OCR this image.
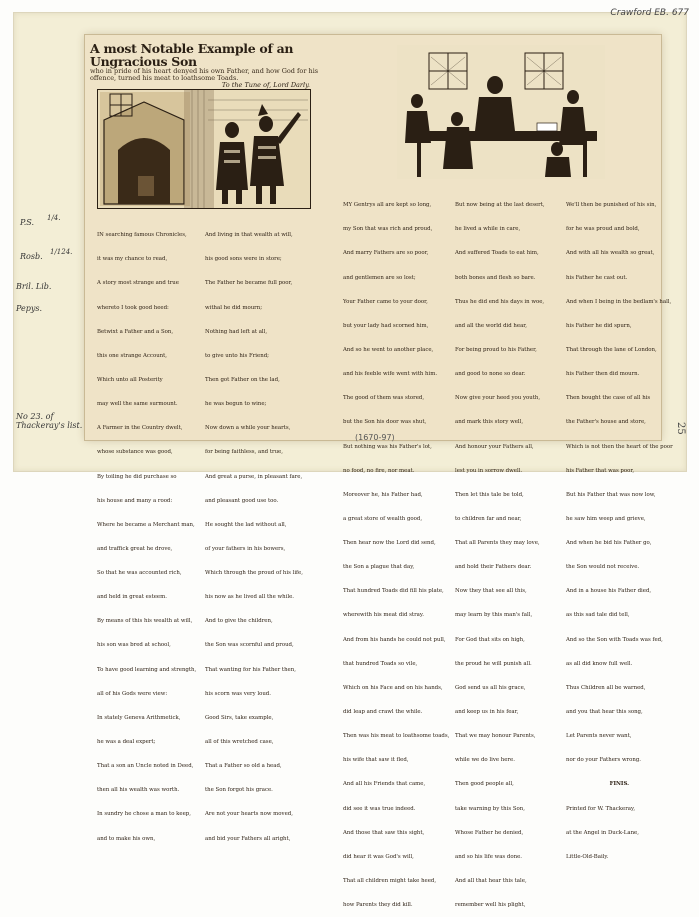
Crawford EB. 677
P.S. 1/4.
Rosb. 1/124.
Bril. Lib.
Pepys.
No 23. of Thackeray's list.
A most Notable Example of an Ungracious Son
who in pride of his heart denyed his own Father, and how God for his offence, turned his meat to loathsome Toads.
To the Tune of, Lord Darly.

IN searching famous Chronicles,

it was my chance to read,

A story most strange and true

whereto I took good heed:

Betwixt a Father and a Son,

this one strange Account,

Which unto all Posterity

may well the same surmount.

A Farmer in the Country dwelt,

whose substance was good,

By toiling he did purchase so

his house and many a rood:

Where he became a Merchant man,

and traffick great he drove,

So that he was accounted rich,

and held in great esteem.

By means of this his wealth at will,

his son was bred at school,

To have good learning and strength,

all of his Gods were view:

In stately Geneva Arithmetick,

he was a deal expert;

That a son an Uncle noted in Deed,

then all his wealth was worth.

In sundry he chose a man to keep,

and to make his own,

And living in that wealth at will,

his good sons were in store;

The Father he became full poor,

withal he did mourn;

Nothing had left at all,

to give unto his Friend;

Then got Father on the lad,

he was begun to wine;

Now down a while your hearts,

for being faithless, and true,

And great a purse, in pleasant fare,

and pleasant good use too.

He sought the lad without all,

of your fathers in his bowers,

Which through the proud of his life,

his now as he lived all the while.

And to give the children,

the Son was scornful and proud,

That wanting for his Father then,

his scorn was very loud.

Good Sirs, take example,

all of this wretched case,

That a Father so old a head,

the Son forgot his grace.

Are not your hearts now moved,

and bid your Fathers all aright,

MY Gentrys all are kept so long,

my Son that was rich and proud,

And marry Fathers are so poor,

and gentlemen are so lost;

Your Father came to your door,

but your lady had scorned him,

And so he went to another place,

and his feeble wife went with him.

The good of them was stored,

but the Son his door was shut,

But nothing was his Father's lot,

no food, no fire, nor meat.

Moreover he, his Father had,

a great store of wealth good,

Then hear now the Lord did send,

the Son a plague that day,

That hundred Toads did fill his plate,

wherewith his meat did stray.

And from his hands he could not pull,

that hundred Toads so vile,

Which on his Face and on his hands,

did leap and crawl the while.

Then was his meat to loathsome toads,

his wife that saw it fled,

And all his Friends that came,

did see it was true indeed.

And those that saw this sight,

did hear it was God's will,

That all children might take heed,

how Parents they did kill.

But now being at the last desert,

he lived a while in care,

And suffered Toads to eat him,

both bones and flesh so bare.

Thus he did end his days in woe,

and all the world did hear,

For being proud to his Father,

and good to none so dear.

Now give your heed you youth,

and mark this story well,

And honour your Fathers all,

lest you in sorrow dwell.

Then let this tale be told,

to children far and near,

That all Parents they may love,

and hold their Fathers dear.

Now they that see all this,

may learn by this man's fall,

For God that sits on high,

the proud he will punish all.

God send us all his grace,

and keep us in his fear,

That we may honour Parents,

while we do live here.

Then good people all,

take warning by this Son,

Whose Father he denied,

and so his life was done.

And all that hear this tale,

remember well his plight,

We'll then be punished of his sin,

for he was proud and bold,

And with all his wealth so great,

his Father he cast out.

And when I being in the bedlam's hall,

his Father he did spurn,

That through the lane of London,

his Father then did mourn.

Then bought the case of all his

the Father's house and store,

Which is not then the heart of the poor

his Father that was poor,

But his Father that was now low,

he saw him weep and grieve,

And when he bid his Father go,

the Son would not receive.

And in a house his Father died,

as this sad tale did tell,

And so the Son with Toads was fed,

as all did know full well.

Thus Children all be warned,

and you that hear this song,

Let Parents never want,

nor do your Fathers wrong.

FINIS.

Printed for W. Thackeray,

at the Angel in Duck-Lane,

Little-Old-Baily.

(1670-97)
25
